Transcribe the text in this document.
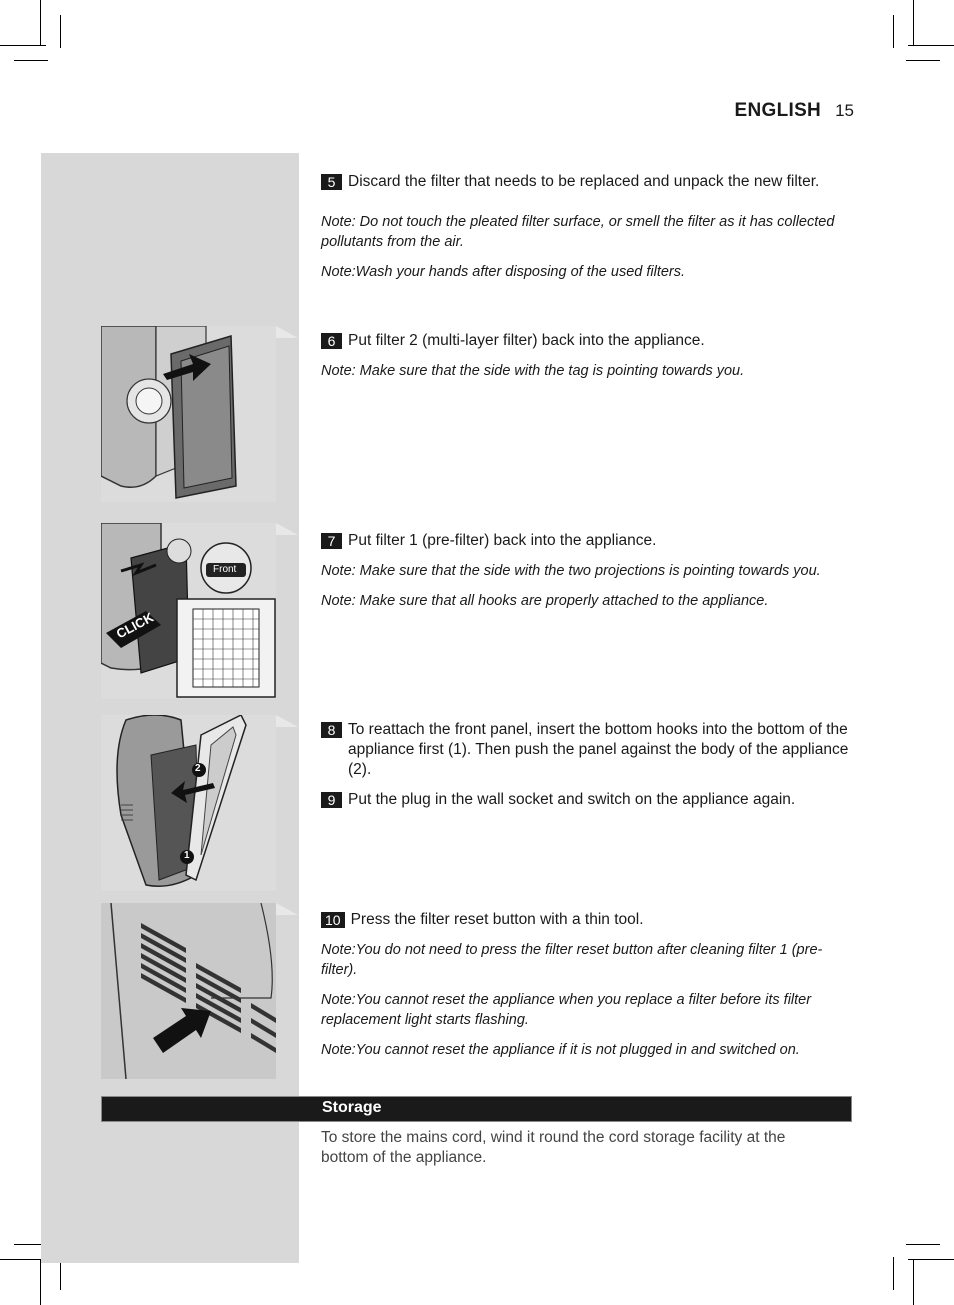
ENGLISH 15
CLICK
Front
2
1
5 Discard the filter that needs to be replaced and unpack the new filter.

Note: Do not touch the pleated filter surface, or smell the filter as it has collected pollutants from the air.

Note:Wash your hands after disposing of the used filters.

6 Put filter 2 (multi-layer filter) back into the appliance.

Note: Make sure that the side with the tag is pointing towards you.

7 Put filter 1 (pre-filter) back into the appliance.

Note: Make sure that the side with the two projections is pointing towards you.

Note: Make sure that all hooks are properly attached to the appliance.

8 To reattach the front panel, insert the bottom hooks into the bottom of the appliance first (1). Then push the panel against the body of the appliance (2).
9 Put the plug in the wall socket and switch on the appliance again.
10 Press the filter reset button with a thin tool.

Note:You do not need to press the filter reset button after cleaning filter 1 (pre-filter).

Note:You cannot reset the appliance when you replace a filter before its filter replacement light starts flashing.

Note:You cannot reset the appliance if it is not plugged in and switched on.

Storage

To store the mains cord, wind it round the cord storage facility at the bottom of the appliance.
